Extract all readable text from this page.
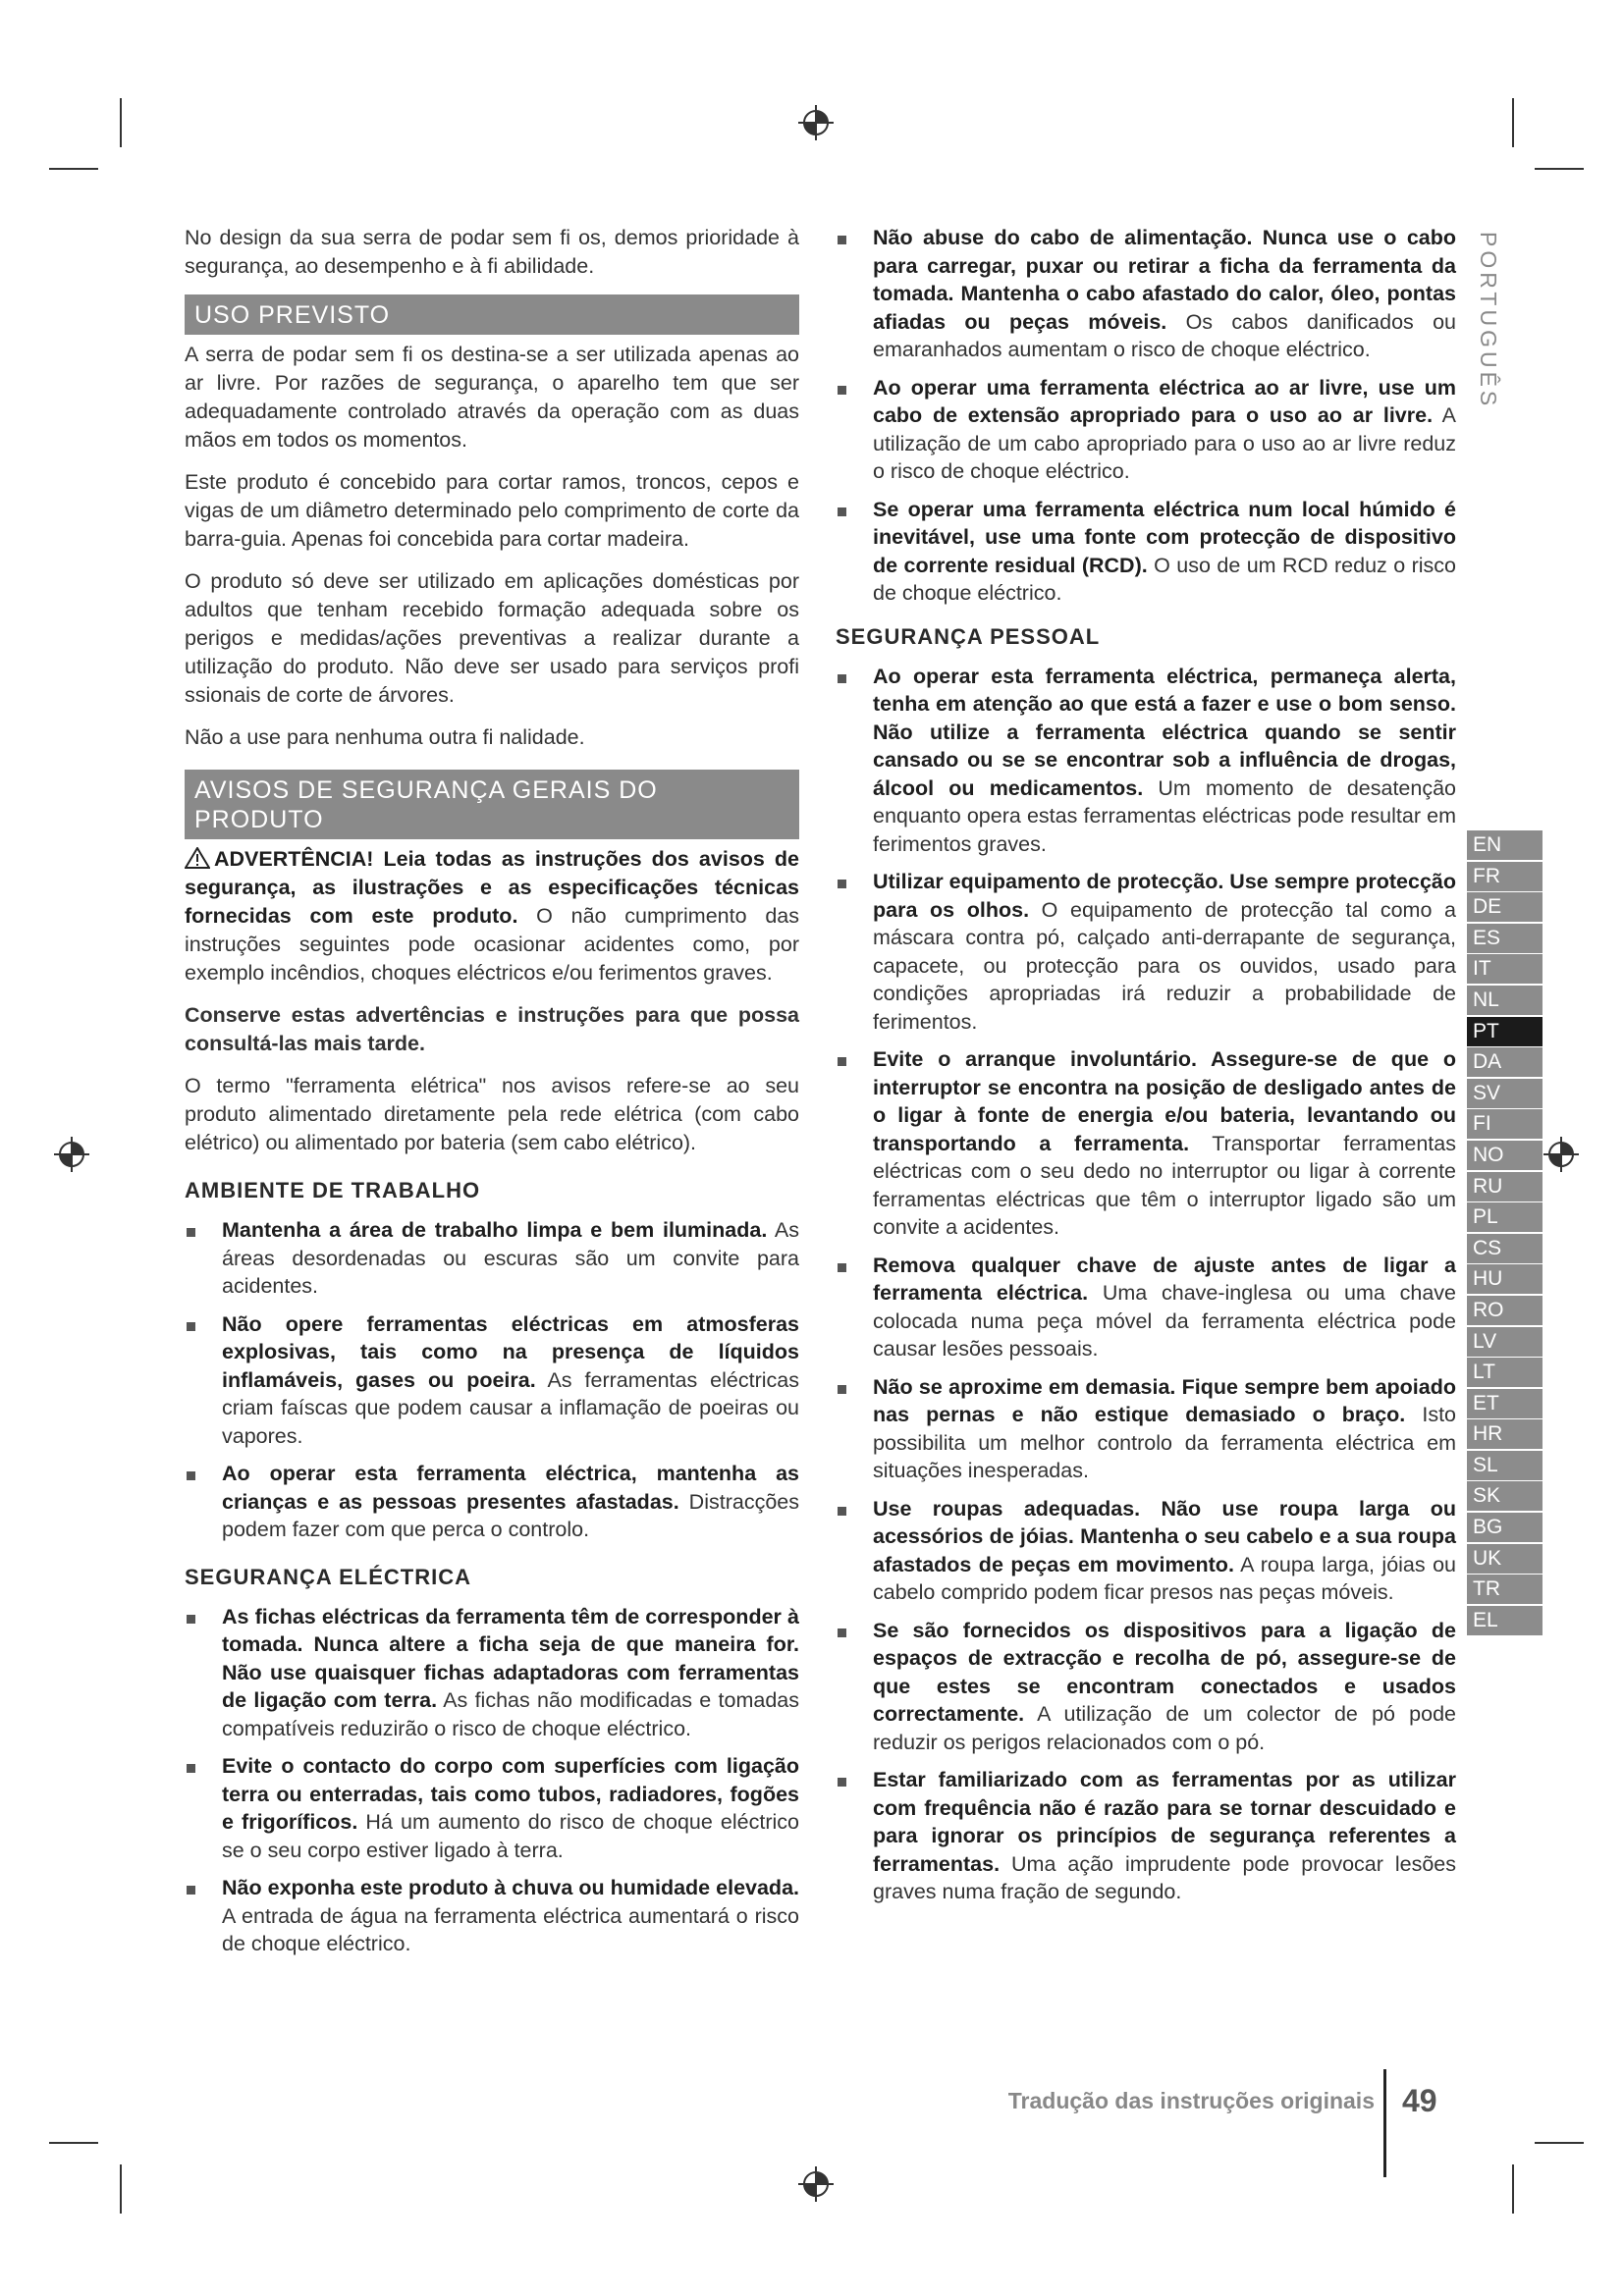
No design da sua serra de podar sem fi os, demos prioridade à segurança, ao desempenho e à fi abilidade.

USO PREVISTO

A serra de podar sem fi os destina-se a ser utilizada apenas ao ar livre. Por razões de segurança, o aparelho tem que ser adequadamente controlado através da operação com as duas mãos em todos os momentos.

Este produto é concebido para cortar ramos, troncos, cepos e vigas de um diâmetro determinado pelo comprimento de corte da barra-guia. Apenas foi concebida para cortar madeira.

O produto só deve ser utilizado em aplicações domésticas por adultos que tenham recebido formação adequada sobre os perigos e medidas/ações preventivas a realizar durante a utilização do produto. Não deve ser usado para serviços profi ssionais de corte de árvores.

Não a use para nenhuma outra fi nalidade.

AVISOS DE SEGURANÇA GERAIS DO PRODUTO

ADVERTÊNCIA! Leia todas as instruções dos avisos de segurança, as ilustrações e as especificações técnicas fornecidas com este produto. O não cumprimento das instruções seguintes pode ocasionar acidentes como, por exemplo incêndios, choques eléctricos e/ou ferimentos graves.

Conserve estas advertências e instruções para que possa consultá-las mais tarde.

O termo "ferramenta elétrica" nos avisos refere-se ao seu produto alimentado diretamente pela rede elétrica (com cabo elétrico) ou alimentado por bateria (sem cabo elétrico).

AMBIENTE DE TRABALHO
Mantenha a área de trabalho limpa e bem iluminada. As áreas desordenadas ou escuras são um convite para acidentes.
Não opere ferramentas eléctricas em atmosferas explosivas, tais como na presença de líquidos inflamáveis, gases ou poeira. As ferramentas eléctricas criam faíscas que podem causar a inflamação de poeiras ou vapores.
Ao operar esta ferramenta eléctrica, mantenha as crianças e as pessoas presentes afastadas. Distracções podem fazer com que perca o controlo.
SEGURANÇA ELÉCTRICA
As fichas eléctricas da ferramenta têm de corresponder à tomada. Nunca altere a ficha seja de que maneira for. Não use quaisquer fichas adaptadoras com ferramentas de ligação com terra. As fichas não modificadas e tomadas compatíveis reduzirão o risco de choque eléctrico.
Evite o contacto do corpo com superfícies com ligação terra ou enterradas, tais como tubos, radiadores, fogões e frigoríficos. Há um aumento do risco de choque eléctrico se o seu corpo estiver ligado à terra.
Não exponha este produto à chuva ou humidade elevada. A entrada de água na ferramenta eléctrica aumentará o risco de choque eléctrico.
Não abuse do cabo de alimentação. Nunca use o cabo para carregar, puxar ou retirar a ficha da ferramenta da tomada. Mantenha o cabo afastado do calor, óleo, pontas afiadas ou peças móveis. Os cabos danificados ou emaranhados aumentam o risco de choque eléctrico.
Ao operar uma ferramenta eléctrica ao ar livre, use um cabo de extensão apropriado para o uso ao ar livre. A utilização de um cabo apropriado para o uso ao ar livre reduz o risco de choque eléctrico.
Se operar uma ferramenta eléctrica num local húmido é inevitável, use uma fonte com protecção de dispositivo de corrente residual (RCD). O uso de um RCD reduz o risco de choque eléctrico.
SEGURANÇA PESSOAL
Ao operar esta ferramenta eléctrica, permaneça alerta, tenha em atenção ao que está a fazer e use o bom senso. Não utilize a ferramenta eléctrica quando se sentir cansado ou se se encontrar sob a influência de drogas, álcool ou medicamentos. Um momento de desatenção enquanto opera estas ferramentas eléctricas pode resultar em ferimentos graves.
Utilizar equipamento de protecção. Use sempre protecção para os olhos. O equipamento de protecção tal como a máscara contra pó, calçado anti-derrapante de segurança, capacete, ou protecção para os ouvidos, usado para condições apropriadas irá reduzir a probabilidade de ferimentos.
Evite o arranque involuntário. Assegure-se de que o interruptor se encontra na posição de desligado antes de o ligar à fonte de energia e/ou bateria, levantando ou transportando a ferramenta. Transportar ferramentas eléctricas com o seu dedo no interruptor ou ligar à corrente ferramentas eléctricas que têm o interruptor ligado são um convite a acidentes.
Remova qualquer chave de ajuste antes de ligar a ferramenta eléctrica. Uma chave-inglesa ou uma chave colocada numa peça móvel da ferramenta eléctrica pode causar lesões pessoais.
Não se aproxime em demasia. Fique sempre bem apoiado nas pernas e não estique demasiado o braço. Isto possibilita um melhor controlo da ferramenta eléctrica em situações inesperadas.
Use roupas adequadas. Não use roupa larga ou acessórios de jóias. Mantenha o seu cabelo e a sua roupa afastados de peças em movimento. A roupa larga, jóias ou cabelo comprido podem ficar presos nas peças móveis.
Se são fornecidos os dispositivos para a ligação de espaços de extracção e recolha de pó, assegure-se de que estes se encontram conectados e usados correctamente. A utilização de um colector de pó pode reduzir os perigos relacionados com o pó.
Estar familiarizado com as ferramentas por as utilizar com frequência não é razão para se tornar descuidado e para ignorar os princípios de segurança referentes a ferramentas. Uma ação imprudente pode provocar lesões graves numa fração de segundo.
PORTUGUÊS
EN
FR
DE
ES
IT
NL
PT
DA
SV
FI
NO
RU
PL
CS
HU
RO
LV
LT
ET
HR
SL
SK
BG
UK
TR
EL
Tradução das instruções originais 49
